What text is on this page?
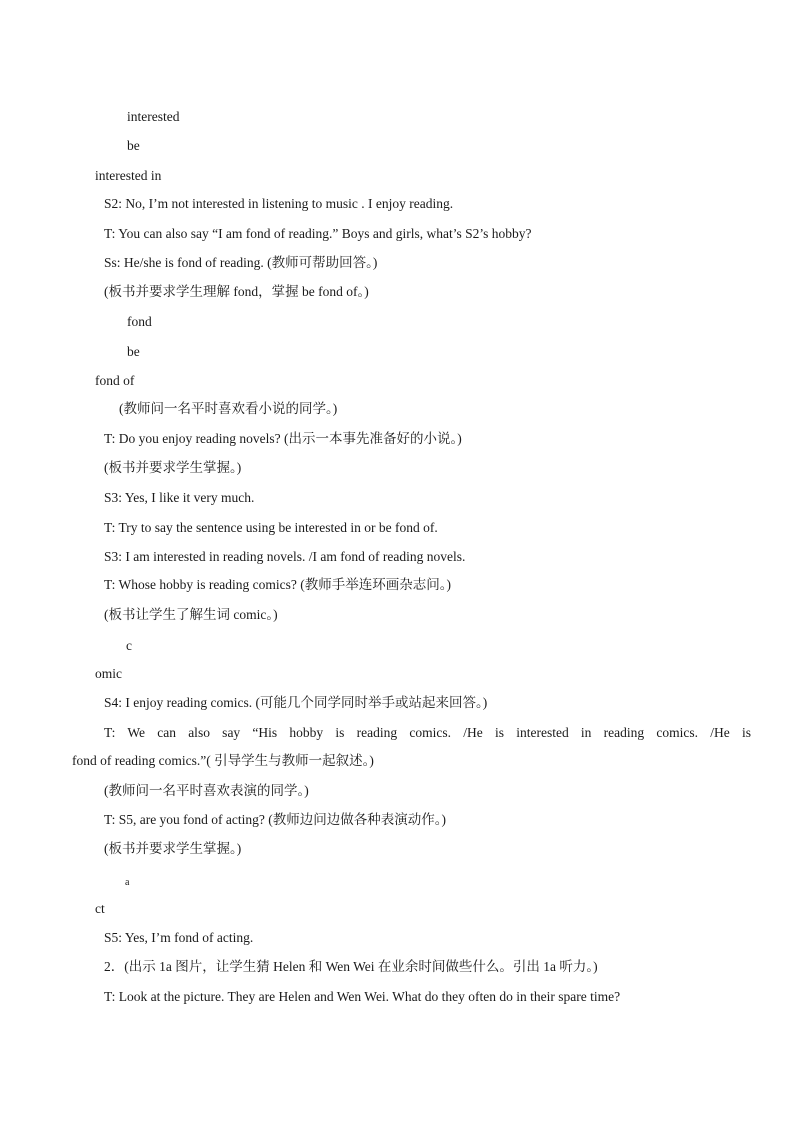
interested
be
interested in
S2: No, I’m not interested in listening to music . I enjoy reading.
T: You can also say “I am fond of reading.” Boys and girls, what’s S2’s hobby?
Ss: He/she is fond of reading. (教师可帮助回答。)
(板书并要求学生理解 fond，掌握 be fond of。)
fond
be
fond of
(教师问一名平时喜欢看小说的同学。)
T: Do you enjoy reading novels? (出示一本事先准备好的小说。)
(板书并要求学生掌握。)
S3: Yes, I like it very much.
T: Try to say the sentence using be interested in or be fond of.
S3: I am interested in reading novels. /I am fond of reading novels.
T: Whose hobby is reading comics? (教师手举连环画杂志问。)
(板书让学生了解生词 comic。)
c
omic
S4: I enjoy reading comics. (可能几个同学同时举手或站起来回答。)
T: We can also say “His hobby is reading comics. /He is interested in reading comics. /He is
fond of reading comics.”( 引导学生与教师一起叙述。)
(教师问一名平时喜欢表演的同学。)
T: S5, are you fond of acting? (教师边问边做各种表演动作。)
(板书并要求学生掌握。)
a
ct
S5: Yes, I’m fond of acting.
2．(出示 1a 图片，让学生猜 Helen 和 Wen Wei 在业余时间做些什么。引出 1a 听力。)
T: Look at the picture. They are Helen and Wen Wei. What do they often do in their spare time?
